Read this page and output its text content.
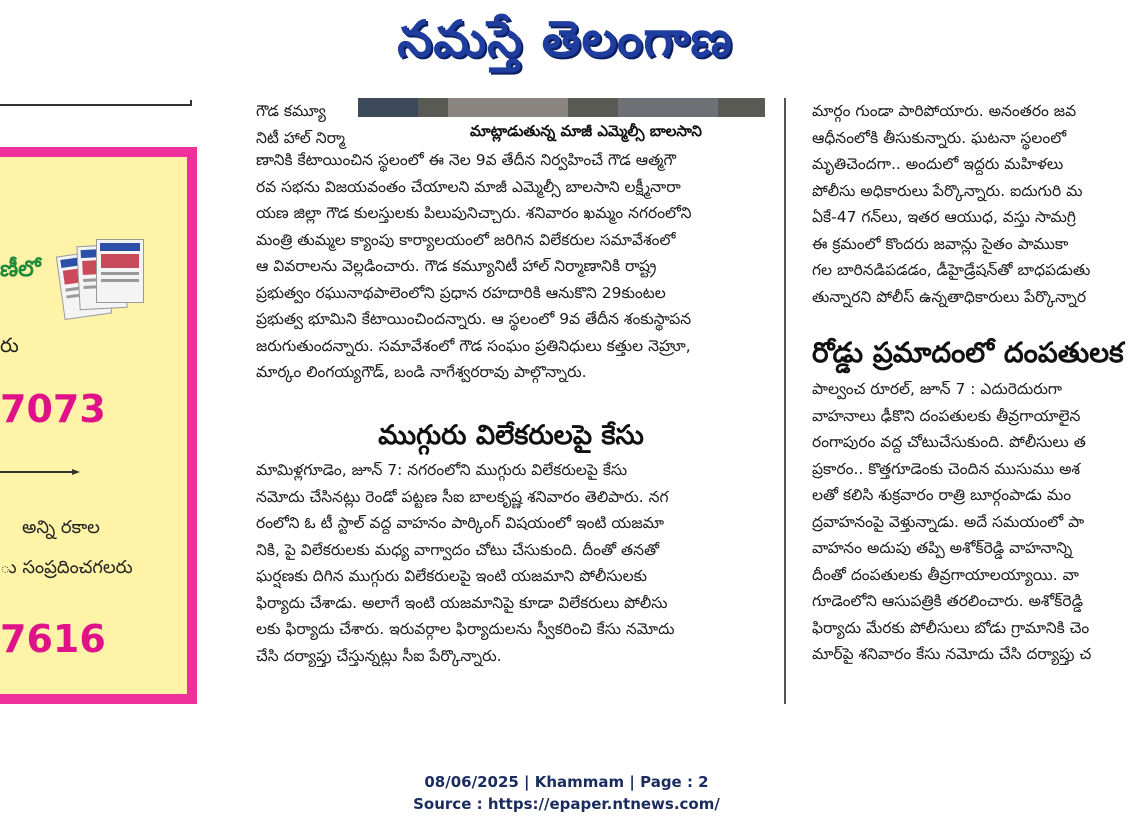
నమస్తే తెలంగాణ
ణీలో
రు
7073
అన్ని రకాల
ు సంప్రదించగలరు
7616

గౌడ కమ్యూ

నిటీ హాల్ నిర్మా	మాట్లాడుతున్న మాజీ ఎమ్మెల్సీ బాలసాని

ణానికి కేటాయించిన స్థలంలో ఈ నెల 9వ తేదీన నిర్వహించే గౌడ ఆత్మగౌ

రవ సభను విజయవంతం చేయాలని మాజీ ఎమ్మెల్సీ బాలసాని లక్ష్మీనారా

యణ జిల్లా గౌడ కులస్తులకు పిలుపునిచ్చారు. శనివారం ఖమ్మం నగరంలోని

మంత్రి తుమ్మల క్యాంపు కార్యాలయంలో జరిగిన విలేకరుల సమావేశంలో

ఆ వివరాలను వెల్లడించారు. గౌడ కమ్యూనిటీ హాల్ నిర్మాణానికి రాష్ట్ర

ప్రభుత్వం రఘునాథపాలెంలోని ప్రధాన రహదారికి ఆనుకొని 29కుంటల

ప్రభుత్వ భూమిని కేటాయించిందన్నారు. ఆ స్థలంలో 9వ తేదీన శంకుస్థాపన

జరుగుతుందన్నారు. సమావేశంలో గౌడ సంఘం ప్రతినిధులు కత్తుల నెహ్రూ,

మార్కం లింగయ్యగౌడ్, బండి నాగేశ్వరరావు పాల్గొన్నారు.

ముగ్గురు విలేకరులపై కేసు

మామిళ్లగూడెం, జూన్ 7: నగరంలోని ముగ్గురు విలేకరులపై కేసు

నమోదు చేసినట్లు రెండో పట్టణ సీఐ బాలకృష్ణ శనివారం తెలిపారు. నగ

రంలోని ఓ టీ స్టాల్ వద్ద వాహనం పార్కింగ్ విషయంలో ఇంటి యజమా

నికి, పై విలేకరులకు మధ్య వాగ్వాదం చోటు చేసుకుంది. దీంతో తనతో

ఘర్షణకు దిగిన ముగ్గురు విలేకరులపై ఇంటి యజమాని పోలీసులకు

ఫిర్యాదు చేశాడు. అలాగే ఇంటి యజమానిపై కూడా విలేకరులు పోలీసు

లకు ఫిర్యాదు చేశారు. ఇరువర్గాల ఫిర్యాదులను స్వీకరించి కేసు నమోదు

చేసి దర్యాప్తు చేస్తున్నట్లు సీఐ పేర్కొన్నారు.

మార్గం గుండా పారిపోయారు. అనంతరం జవ

ఆధీనంలోకి తీసుకున్నారు. ఘటనా స్థలంలో

మృతిచెందగా.. అందులో ఇద్దరు మహిళలు

పోలీసు అధికారులు పేర్కొన్నారు. ఐదుగురి మ

ఏకే-47 గన్‌లు, ఇతర ఆయుధ, వస్తు సామగ్రి

ఈ క్రమంలో కొందరు జవాన్లు సైతం పాముకా

గల బారినడిపడడం, డీహైడ్రేషన్‌తో బాధపడుతు

తున్నారని పోలీస్ ఉన్నతాధికారులు పేర్కొన్నార

రోడ్డు ప్రమాదంలో దంపతులక

పాల్వంచ రూరల్, జూన్ 7 : ఎదురెదురుగా

వాహనాలు ఢీకొని దంపతులకు తీవ్రగాయాలైన

రంగాపురం వద్ద చోటుచేసుకుంది. పోలీసులు త

ప్రకారం.. కొత్తగూడెంకు చెందిన ముసుము అశ

లతో కలిసి శుక్రవారం రాత్రి బూర్గంపాడు మం

ద్రవాహనంపై వెళ్తున్నాడు. అదే సమయంలో పా

వాహనం అదుపు తప్పి అశోక్‌రెడ్డి వాహనాన్ని

దీంతో దంపతులకు తీవ్రగాయాలయ్యాయి. వా

గూడెంలోని ఆసుపత్రికి తరలించారు. అశోక్‌రెడ్డి

ఫిర్యాదు మేరకు పోలీసులు బోడు గ్రామానికి చెం

మార్‌పై శనివారం కేసు నమోదు చేసి దర్యాప్తు చ

08/06/2025 | Khammam | Page : 2
Source : https://epaper.ntnews.com/
